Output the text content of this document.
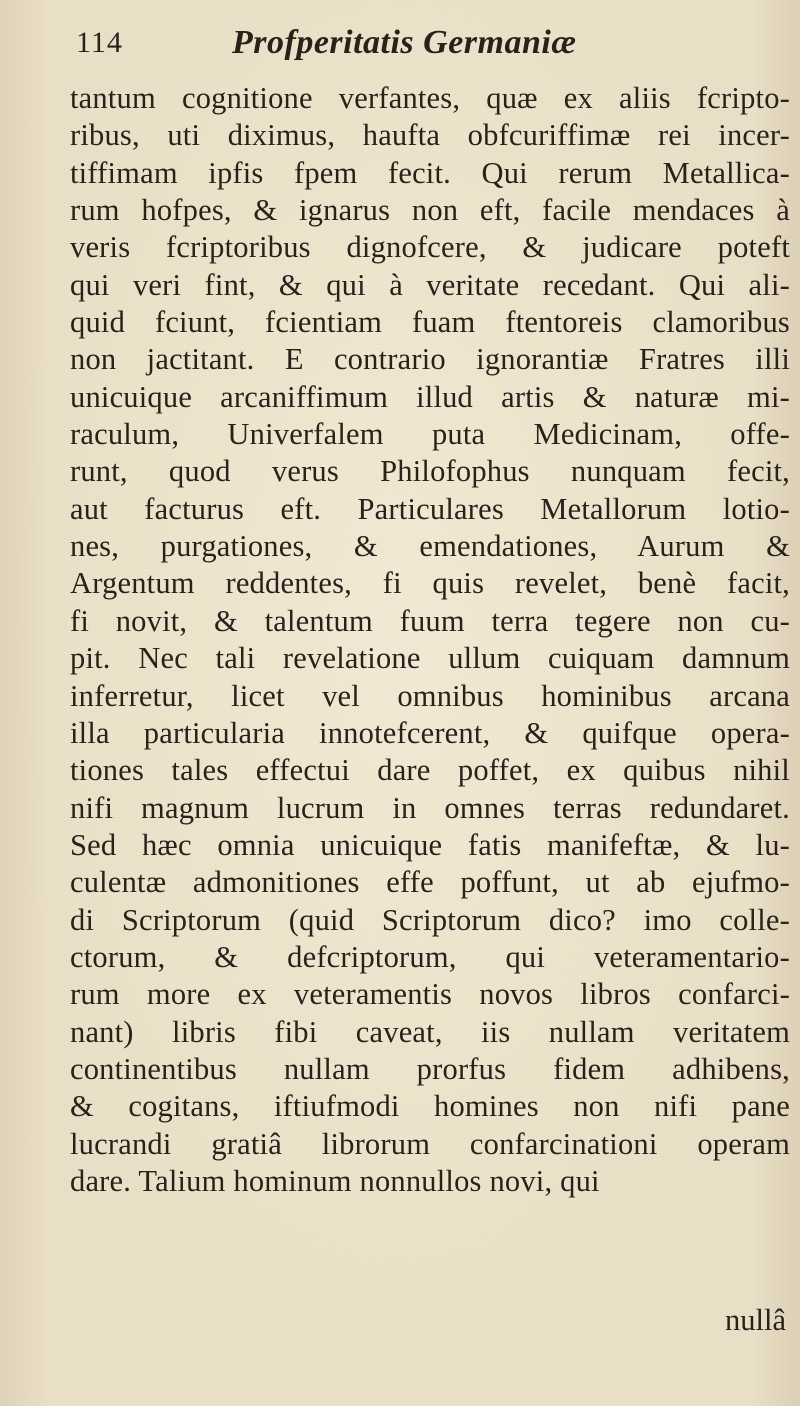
114	Profperitatis Germaniæ
tantum cognitione verfantes, quæ ex aliis fcripto-
ribus, uti diximus, haufta obfcuriffimæ rei incer-
tiffimam ipfis fpem fecit. Qui rerum Metallica-
rum hofpes, & ignarus non eft, facile mendaces à
veris fcriptoribus dignofcere, & judicare poteft
qui veri fint, & qui à veritate recedant. Qui ali-
quid fciunt, fcientiam fuam ftentoreis clamoribus
non jactitant. E contrario ignorantiæ Fratres illi
unicuique arcaniffimum illud artis & naturæ mi-
raculum, Univerfalem puta Medicinam, offe-
runt, quod verus Philofophus nunquam fecit,
aut facturus eft. Particulares Metallorum lotio-
nes, purgationes, & emendationes, Aurum &
Argentum reddentes, fi quis revelet, benè facit,
fi novit, & talentum fuum terra tegere non cu-
pit. Nec tali revelatione ullum cuiquam damnum
inferretur, licet vel omnibus hominibus arcana
illa particularia innotefcerent, & quifque opera-
tiones tales effectui dare poffet, ex quibus nihil
nifi magnum lucrum in omnes terras redundaret.
Sed hæc omnia unicuique fatis manifeftæ, & lu-
culentæ admonitiones effe poffunt, ut ab ejufmo-
di Scriptorum (quid Scriptorum dico? imo colle-
ctorum, & defcriptorum, qui veteramentario-
rum more ex veteramentis novos libros confarci-
nant) libris fibi caveat, iis nullam veritatem
continentibus nullam prorfus fidem adhibens,
& cogitans, iftiufmodi homines non nifi pane
lucrandi gratiâ librorum confarcinationi operam
dare. Talium hominum nonnullos novi, qui
nullâ
